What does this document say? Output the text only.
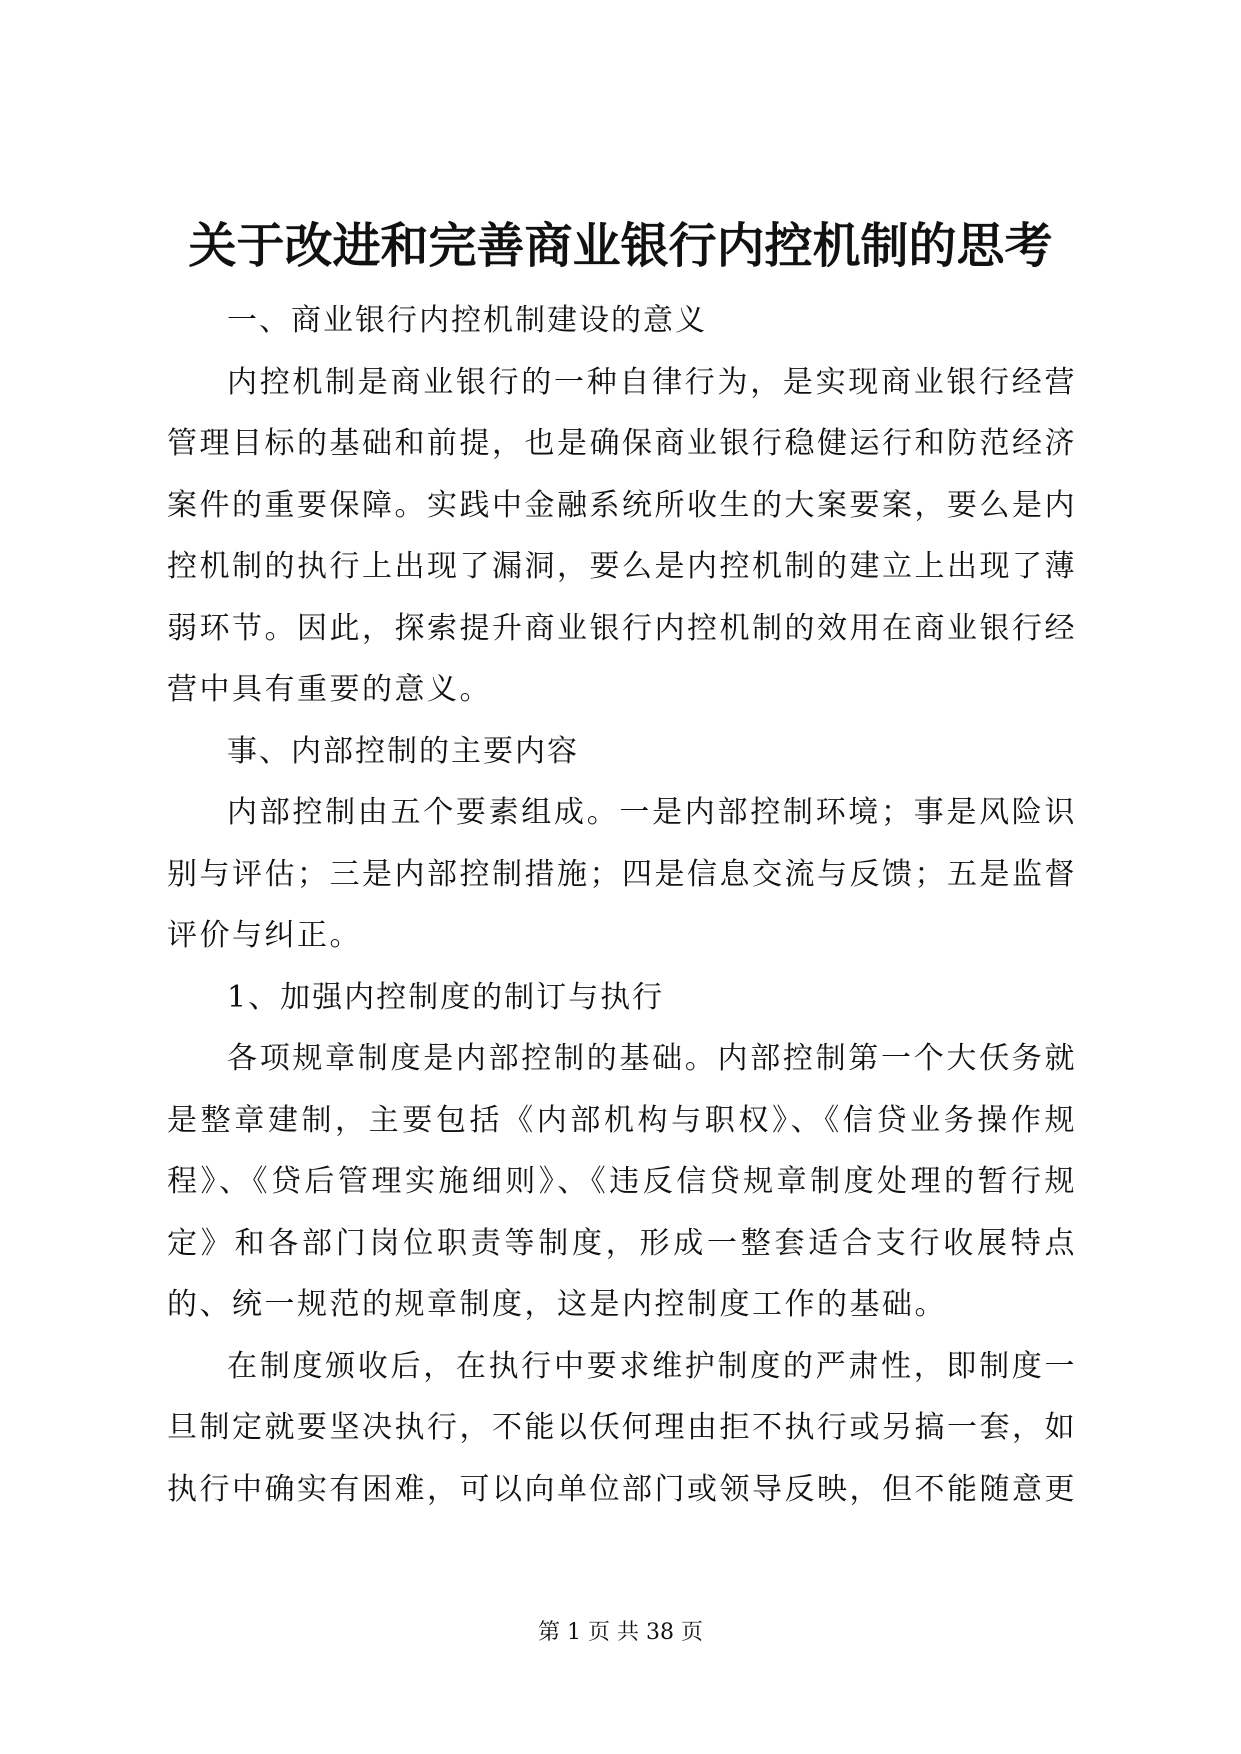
关于改进和完善商业银行内控机制的思考

一、商业银行内控机制建设的意义

内控机制是商业银行的一种自律行为，是实现商业银行经营管理目标的基础和前提，也是确保商业银行稳健运行和防范经济案件的重要保障。实践中金融系统所收生的大案要案，要么是内控机制的执行上出现了漏洞，要么是内控机制的建立上出现了薄弱环节。因此，探索提升商业银行内控机制的效用在商业银行经营中具有重要的意义。

事、内部控制的主要内容

内部控制由五个要素组成。一是内部控制环境；事是风险识别与评估；三是内部控制措施；四是信息交流与反馈；五是监督评价与纠正。

1、加强内控制度的制订与执行

各项规章制度是内部控制的基础。内部控制第一个大仸务就是整章建制，主要包括《内部机构与职权》、《信贷业务操作规程》、《贷后管理实施细则》、《违反信贷规章制度处理的暂行规定》和各部门岗位职责等制度，形成一整套适合支行收展特点的、统一规范的规章制度，这是内控制度工作的基础。

在制度颁收后，在执行中要求维护制度的严肃性，即制度一旦制定就要坚决执行，不能以仸何理由拒不执行或另搞一套，如执行中确实有困难，可以向单位部门或领导反映，但不能随意更

第 1 页 共 38 页
